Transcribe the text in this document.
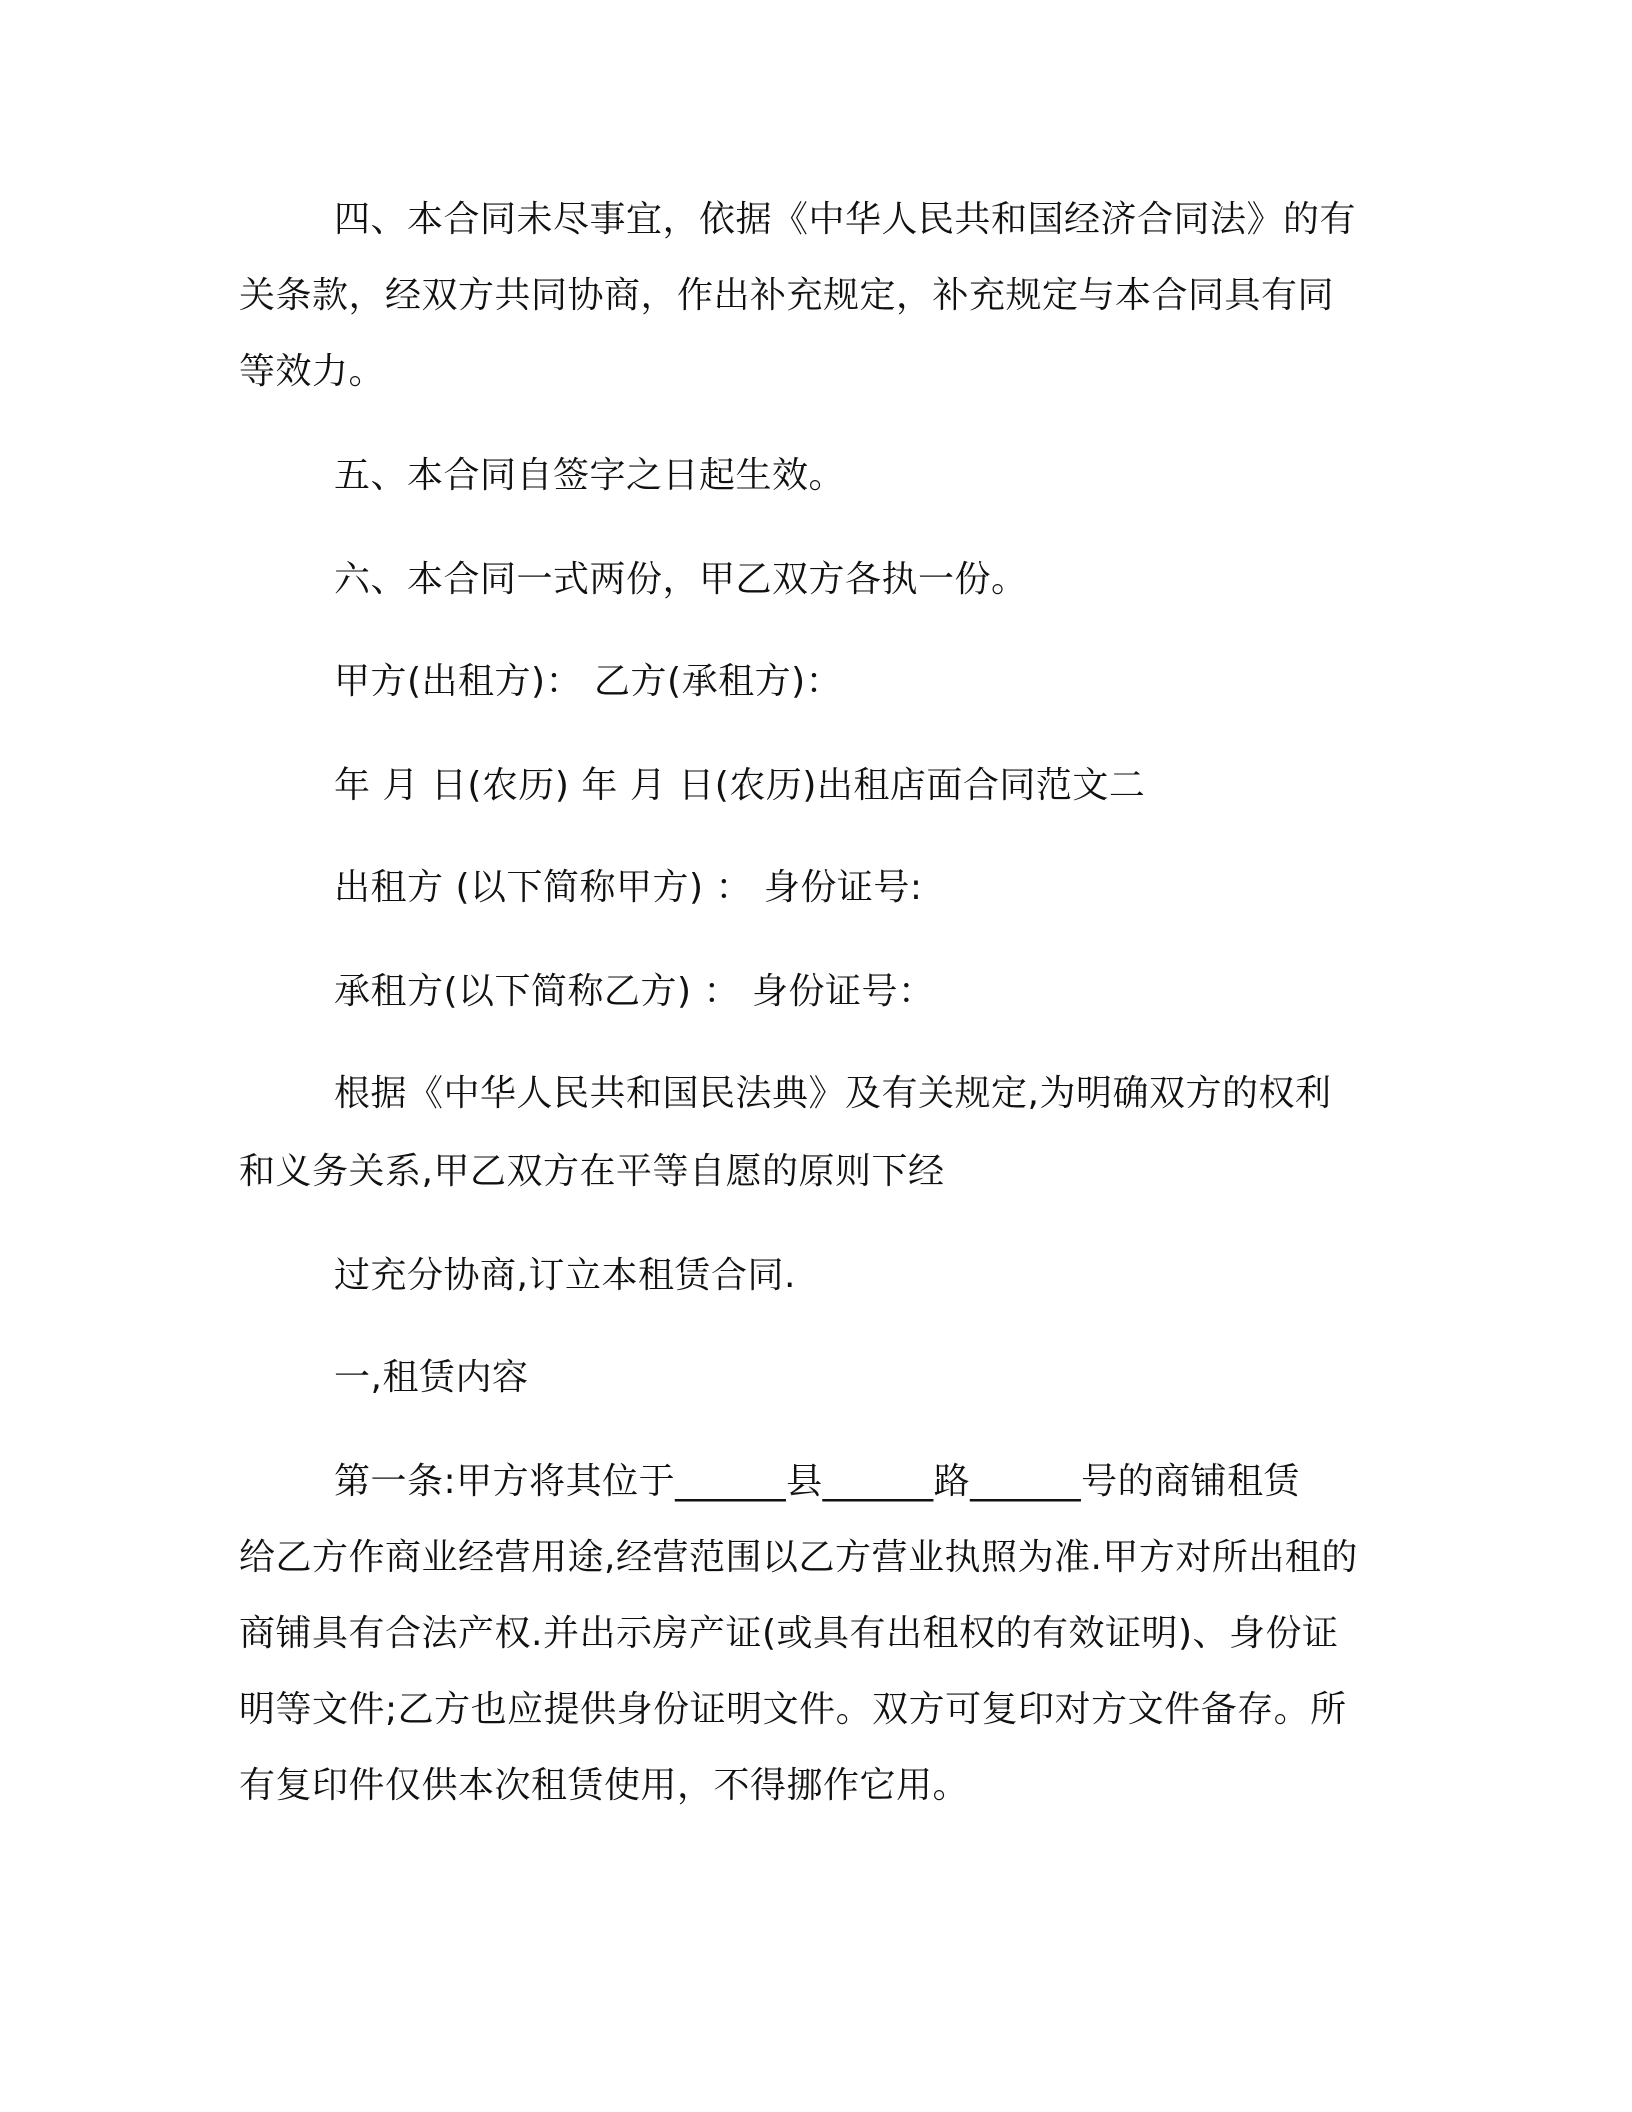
四、本合同未尽事宜，依据《中华人民共和国经济合同法》的有

关条款，经双方共同协商，作出补充规定，补充规定与本合同具有同

等效力。

五、本合同自签字之日起生效。

六、本合同一式两份，甲乙双方各执一份。

甲方(出租方)： 乙方(承租方)：

年 月 日(农历) 年 月 日(农历)出租店面合同范文二

出租方 (以下简称甲方) ： 身份证号:

承租方(以下简称乙方) ： 身份证号：

根据《中华人民共和国民法典》及有关规定,为明确双方的权利

和义务关系,甲乙双方在平等自愿的原则下经

过充分协商,订立本租赁合同.

一,租赁内容

第一条:甲方将其位于______县______路______号的商铺租赁

给乙方作商业经营用途,经营范围以乙方营业执照为准.甲方对所出租的

商铺具有合法产权.并出示房产证(或具有出租权的有效证明)、身份证

明等文件;乙方也应提供身份证明文件。双方可复印对方文件备存。所

有复印件仅供本次租赁使用，不得挪作它用。
